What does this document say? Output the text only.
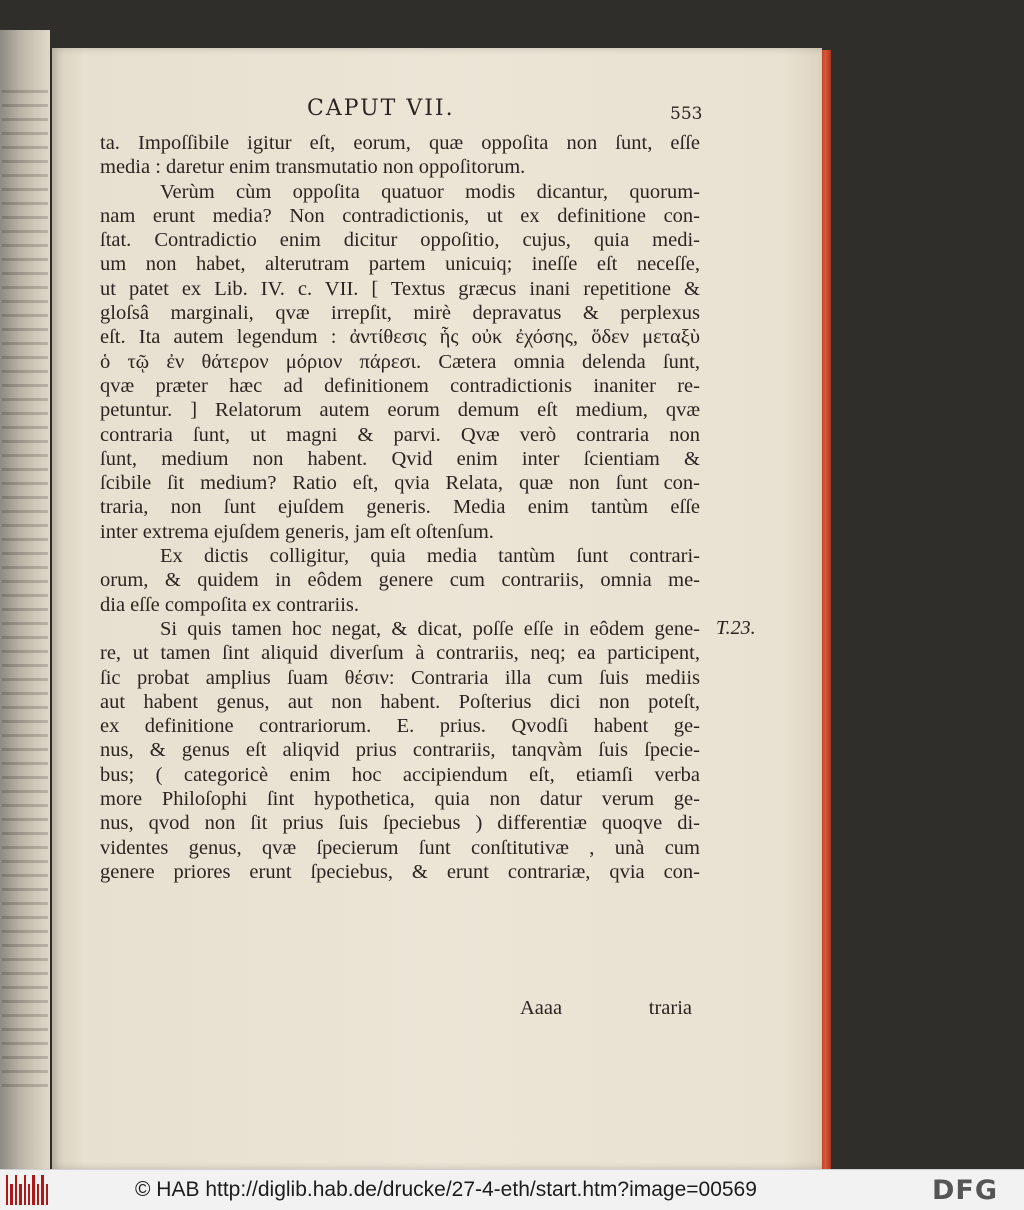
CAPUT VII.	553
ta. Impoſſibile igitur eſt, eorum, quæ oppoſita non ſunt, eſſe
media : daretur enim transmutatio non oppoſitorum.
Verùm cùm oppoſita quatuor modis dicantur, quorum-
nam erunt media? Non contradictionis, ut ex definitione con-
ſtat. Contradictio enim dicitur oppoſitio, cujus, quia medi-
um non habet, alterutram partem unicuiq; ineſſe eſt neceſſe,
ut patet ex Lib. IV. c. VII. [ Textus græcus inani repetitione &
gloſsâ marginali, qvæ irrepſit, mirè depravatus & perplexus
eſt. Ita autem legendum : ἀντίθεσις ἧς οὐκ ἐχόσης, ὅδεν μεταξὺ
ὁ τῷ ἐν θάτερον μόριον πάρεσι. Cætera omnia delenda ſunt,
qvæ præter hæc ad definitionem contradictionis inaniter re-
petuntur. ] Relatorum autem eorum demum eſt medium, qvæ
contraria ſunt, ut magni & parvi. Qvæ verò contraria non
ſunt, medium non habent. Qvid enim inter ſcientiam &
ſcibile ſit medium? Ratio eſt, qvia Relata, quæ non ſunt con-
traria, non ſunt ejuſdem generis. Media enim tantùm eſſe
inter extrema ejuſdem generis, jam eſt oſtenſum.
Ex dictis colligitur, quia media tantùm ſunt contrari-
orum, & quidem in eôdem genere cum contrariis, omnia me-
dia eſſe compoſita ex contrariis.
Si quis tamen hoc negat, & dicat, poſſe eſſe in eôdem gene-
re, ut tamen ſint aliquid diverſum à contrariis, neq; ea participent,
ſic probat amplius ſuam θέσιν: Contraria illa cum ſuis mediis
aut habent genus, aut non habent. Poſterius dici non poteſt,
ex definitione contrariorum. E. prius. Qvodſi habent ge-
nus, & genus eſt aliqvid prius contrariis, tanqvàm ſuis ſpecie-
bus; ( categoricè enim hoc accipiendum eſt, etiamſi verba
more Philoſophi ſint hypothetica, quia non datur verum ge-
nus, qvod non ſit prius ſuis ſpeciebus ) differentiæ quoqve di-
videntes genus, qvæ ſpecierum ſunt conſtitutivæ , unà cum
genere priores erunt ſpeciebus, & erunt contrariæ, qvia con-
T.23.
Aaaa	traria
© HAB http://diglib.hab.de/drucke/27-4-eth/start.htm?image=00569	DFG
